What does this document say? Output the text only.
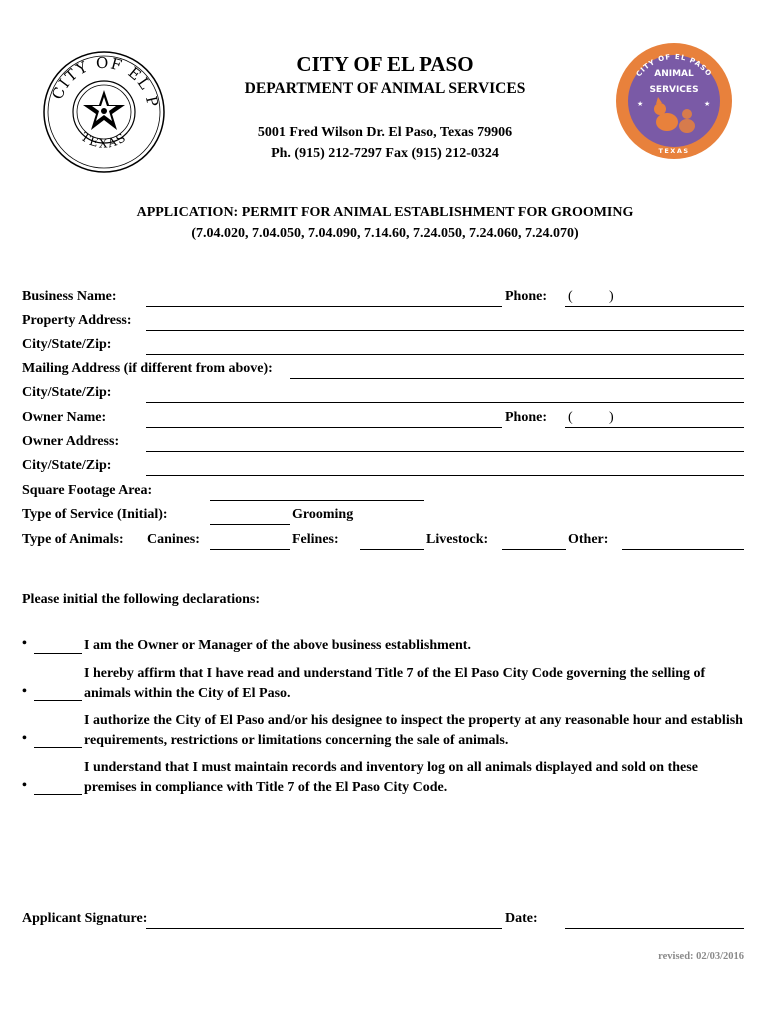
CITY OF EL P
TEXAS
CITY OF EL PASO
DEPARTMENT OF ANIMAL SERVICES
5001 Fred Wilson Dr. El Paso, Texas 79906
Ph. (915) 212-7297 Fax (915) 212-0324
CITY OF EL PASO
ANIMAL
SERVICES
TEXAS
★	★
APPLICATION: PERMIT FOR ANIMAL ESTABLISHMENT FOR GROOMING
(7.04.020, 7.04.050, 7.04.090, 7.14.60, 7.24.050, 7.24.060, 7.24.070)
Business Name:	Phone: (	)
Property Address:
City/State/Zip:
Mailing Address (if different from above):
City/State/Zip:
Owner Name:	Phone: (	)
Owner Address:
City/State/Zip:
Square Footage Area:
Type of Service (Initial):	Grooming
Type of Animals: Canines:	Felines:	Livestock:	Other:
Please initial the following declarations:
•	I am the Owner or Manager of the above business establishment.
•
I hereby affirm that I have read and understand Title 7 of the El Paso City Code governing the selling of animals within the City of El Paso.
•
I authorize the City of El Paso and/or his designee to inspect the property at any reasonable hour and establish requirements, restrictions or limitations concerning the sale of animals.
•
I understand that I must maintain records and inventory log on all animals displayed and sold on these premises in compliance with Title 7 of the El Paso City Code.
Applicant Signature:	Date:
revised: 02/03/2016
